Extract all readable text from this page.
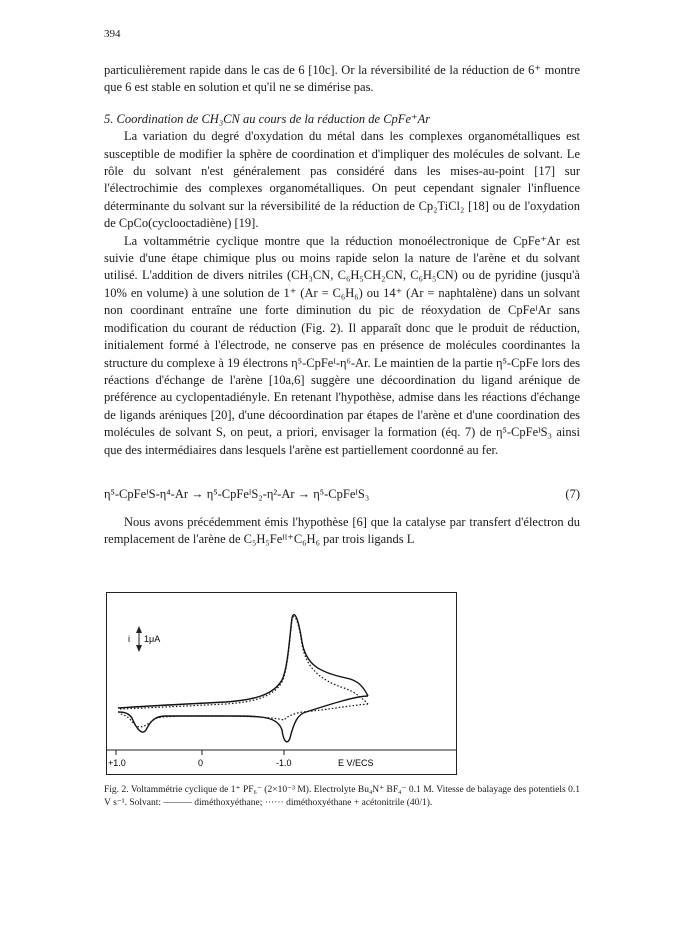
394

particulièrement rapide dans le cas de 6 [10c]. Or la réversibilité de la réduction de 6⁺ montre que 6 est stable en solution et qu'il ne se dimérise pas.

5. Coordination de CH₃CN au cours de la réduction de CpFe⁺Ar

La variation du degré d'oxydation du métal dans les complexes organométalliques est susceptible de modifier la sphère de coordination et d'impliquer des molécules de solvant. Le rôle du solvant n'est généralement pas considéré dans les mises-au-point [17] sur l'électrochimie des complexes organométalliques. On peut cependant signaler l'influence déterminante du solvant sur la réversibilité de la réduction de Cp₂TiCl₂ [18] ou de l'oxydation de CpCo(cyclooctadiène) [19].

La voltammétrie cyclique montre que la réduction monoélectronique de CpFe⁺Ar est suivie d'une étape chimique plus ou moins rapide selon la nature de l'arène et du solvant utilisé. L'addition de divers nitriles (CH₃CN, C₆H₅CH₂CN, C₆H₅CN) ou de pyridine (jusqu'à 10% en volume) à une solution de 1⁺ (Ar = C₆H₆) ou 14⁺ (Ar = naphtalène) dans un solvant non coordinant entraîne une forte diminution du pic de réoxydation de CpFeᴵAr sans modification du courant de réduction (Fig. 2). Il apparaît donc que le produit de réduction, initialement formé à l'électrode, ne conserve pas en présence de molécules coordinantes la structure du complexe à 19 électrons η⁵-CpFeᴵ-η⁶-Ar. Le maintien de la partie η⁵-CpFe lors des réactions d'échange de l'arène [10a,6] suggère une décoordination du ligand arénique de préférence au cyclopentadiényle. En retenant l'hypothèse, admise dans les réactions d'échange de ligands aréniques [20], d'une décoordination par étapes de l'arène et d'une coordination des molécules de solvant S, on peut, a priori, envisager la formation (éq. 7) de η⁵-CpFeᴵS₃ ainsi que des intermédiaires dans lesquels l'arène est partiellement coordonné au fer.

η⁵-CpFeᴵS-η⁴-Ar → η⁵-CpFeᴵS₂-η²-Ar → η⁵-CpFeᴵS₃	(7)

Nous avons précédemment émis l'hypothèse [6] que la catalyse par transfert d'électron du remplacement de l'arène de C₅H₅Feᴵᴵ⁺C₆H₆ par trois ligands L

+1.0	0	-1.0	E V/ECS
i 1μA
Fig. 2. Voltammétrie cyclique de 1⁺ PF₆⁻ (2×10⁻³ M). Electrolyte Bu₄N⁺ BF₄⁻ 0.1 M. Vitesse de balayage des potentiels 0.1 V s⁻¹. Solvant: ——— diméthoxyéthane; ······ diméthoxyéthane + acétonitrile (40/1).
